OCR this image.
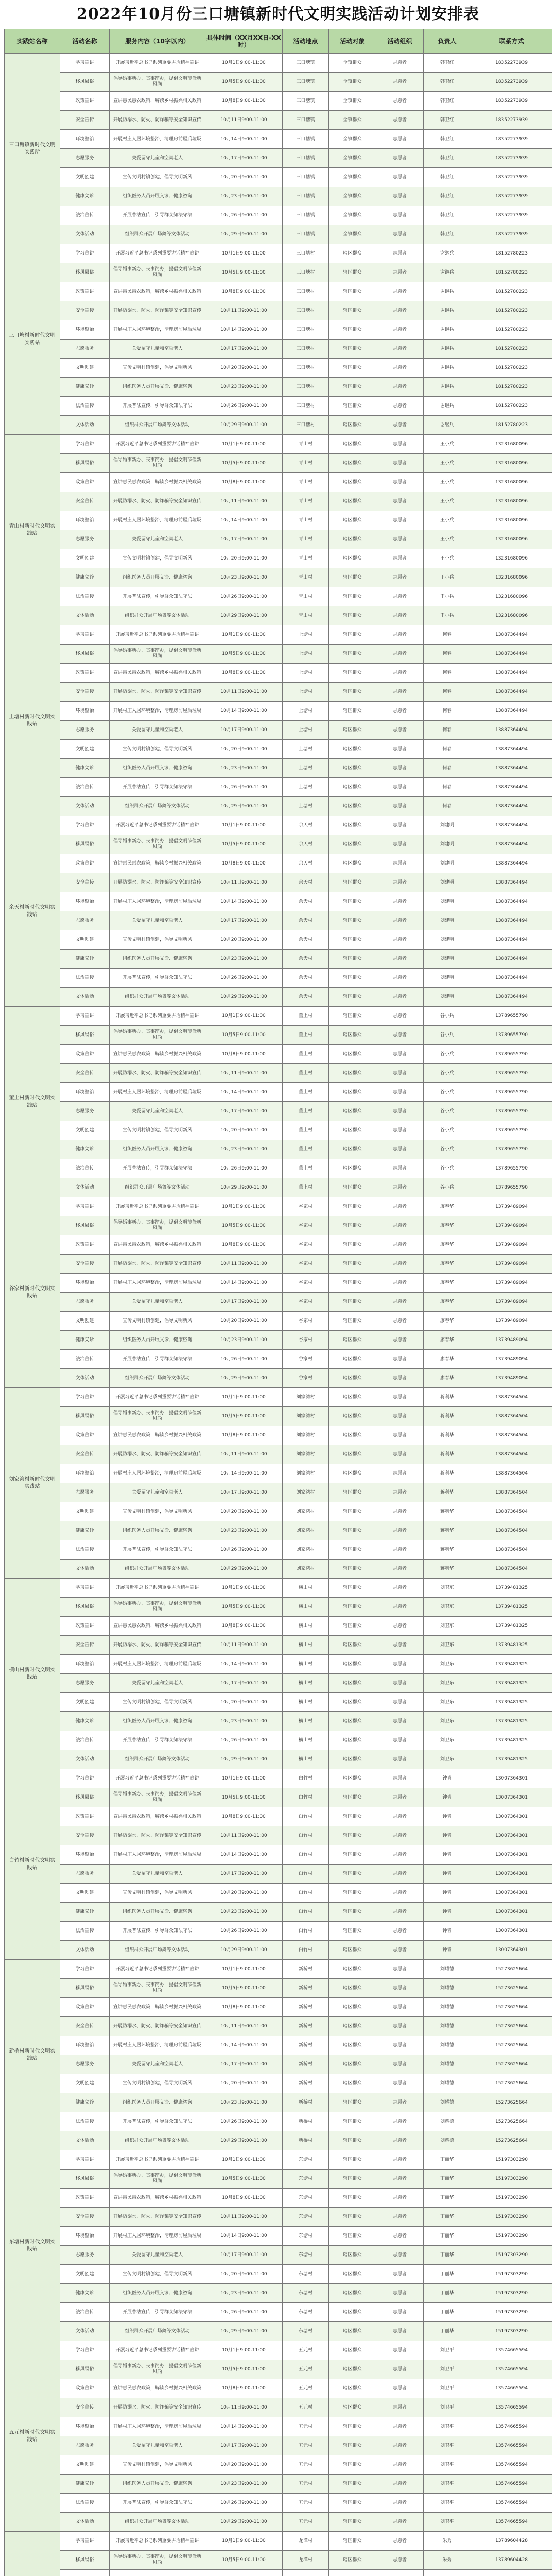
2022年10月份三口塘镇新时代文明实践活动计划安排表
实践站名称	活动名称	服务内容（10字以内）	具体时间（XX月XX日-XX时）	活动地点	活动对象	活动组织	负责人	联系方式
三口塘镇新时代文明实践所	学习宣讲	开展习近平总书记系列重要讲话精神宣讲	10月1日9:00-11:00	三口塘镇	全镇群众	志愿者	韩卫红	18352273939
	移风易俗	倡导婚事新办、丧事简办，提倡文明节俭新风尚	10月5日9:00-11:00	三口塘镇	全镇群众	志愿者	韩卫红	18352273939
	政策宣讲	宣讲惠民惠农政策，解读乡村振兴相关政策	10月8日9:00-11:00	三口塘镇	全镇群众	志愿者	韩卫红	18352273939
	安全宣传	开展防溺水、防火、防诈骗等安全知识宣传	10月11日9:00-11:00	三口塘镇	全镇群众	志愿者	韩卫红	18352273939
	环境整治	开展村庄人居环境整治，清理房前屋后垃圾	10月14日9:00-11:00	三口塘镇	全镇群众	志愿者	韩卫红	18352273939
	志愿服务	关爱留守儿童和空巢老人	10月17日9:00-11:00	三口塘镇	全镇群众	志愿者	韩卫红	18352273939
	文明创建	宣传文明村镇创建，倡导文明新风	10月20日9:00-11:00	三口塘镇	全镇群众	志愿者	韩卫红	18352273939
	健康义诊	组织医务人员开展义诊、健康咨询	10月23日9:00-11:00	三口塘镇	全镇群众	志愿者	韩卫红	18352273939
	法治宣传	开展普法宣传，引导群众知法守法	10月26日9:00-11:00	三口塘镇	全镇群众	志愿者	韩卫红	18352273939
	文体活动	组织群众开展广场舞等文体活动	10月29日9:00-11:00	三口塘镇	全镇群众	志愿者	韩卫红	18352273939
三口塘村新时代文明实践站	学习宣讲	开展习近平总书记系列重要讲话精神宣讲	10月1日9:00-11:00	三口塘村	辖区群众	志愿者	谢继兵	18152780223
	移风易俗	倡导婚事新办、丧事简办，提倡文明节俭新风尚	10月5日9:00-11:00	三口塘村	辖区群众	志愿者	谢继兵	18152780223
	政策宣讲	宣讲惠民惠农政策，解读乡村振兴相关政策	10月8日9:00-11:00	三口塘村	辖区群众	志愿者	谢继兵	18152780223
	安全宣传	开展防溺水、防火、防诈骗等安全知识宣传	10月11日9:00-11:00	三口塘村	辖区群众	志愿者	谢继兵	18152780223
	环境整治	开展村庄人居环境整治，清理房前屋后垃圾	10月14日9:00-11:00	三口塘村	辖区群众	志愿者	谢继兵	18152780223
	志愿服务	关爱留守儿童和空巢老人	10月17日9:00-11:00	三口塘村	辖区群众	志愿者	谢继兵	18152780223
	文明创建	宣传文明村镇创建，倡导文明新风	10月20日9:00-11:00	三口塘村	辖区群众	志愿者	谢继兵	18152780223
	健康义诊	组织医务人员开展义诊、健康咨询	10月23日9:00-11:00	三口塘村	辖区群众	志愿者	谢继兵	18152780223
	法治宣传	开展普法宣传，引导群众知法守法	10月26日9:00-11:00	三口塘村	辖区群众	志愿者	谢继兵	18152780223
	文体活动	组织群众开展广场舞等文体活动	10月29日9:00-11:00	三口塘村	辖区群众	志愿者	谢继兵	18152780223
青山村新时代文明实践站	学习宣讲	开展习近平总书记系列重要讲话精神宣讲	10月1日9:00-11:00	青山村	辖区群众	志愿者	王小兵	13231680096
	移风易俗	倡导婚事新办、丧事简办，提倡文明节俭新风尚	10月5日9:00-11:00	青山村	辖区群众	志愿者	王小兵	13231680096
	政策宣讲	宣讲惠民惠农政策，解读乡村振兴相关政策	10月8日9:00-11:00	青山村	辖区群众	志愿者	王小兵	13231680096
	安全宣传	开展防溺水、防火、防诈骗等安全知识宣传	10月11日9:00-11:00	青山村	辖区群众	志愿者	王小兵	13231680096
	环境整治	开展村庄人居环境整治，清理房前屋后垃圾	10月14日9:00-11:00	青山村	辖区群众	志愿者	王小兵	13231680096
	志愿服务	关爱留守儿童和空巢老人	10月17日9:00-11:00	青山村	辖区群众	志愿者	王小兵	13231680096
	文明创建	宣传文明村镇创建，倡导文明新风	10月20日9:00-11:00	青山村	辖区群众	志愿者	王小兵	13231680096
	健康义诊	组织医务人员开展义诊、健康咨询	10月23日9:00-11:00	青山村	辖区群众	志愿者	王小兵	13231680096
	法治宣传	开展普法宣传，引导群众知法守法	10月26日9:00-11:00	青山村	辖区群众	志愿者	王小兵	13231680096
	文体活动	组织群众开展广场舞等文体活动	10月29日9:00-11:00	青山村	辖区群众	志愿者	王小兵	13231680096
上塘村新时代文明实践站	学习宣讲	开展习近平总书记系列重要讲话精神宣讲	10月1日9:00-11:00	上塘村	辖区群众	志愿者	何春	13887364494
	移风易俗	倡导婚事新办、丧事简办，提倡文明节俭新风尚	10月5日9:00-11:00	上塘村	辖区群众	志愿者	何春	13887364494
	政策宣讲	宣讲惠民惠农政策，解读乡村振兴相关政策	10月8日9:00-11:00	上塘村	辖区群众	志愿者	何春	13887364494
	安全宣传	开展防溺水、防火、防诈骗等安全知识宣传	10月11日9:00-11:00	上塘村	辖区群众	志愿者	何春	13887364494
	环境整治	开展村庄人居环境整治，清理房前屋后垃圾	10月14日9:00-11:00	上塘村	辖区群众	志愿者	何春	13887364494
	志愿服务	关爱留守儿童和空巢老人	10月17日9:00-11:00	上塘村	辖区群众	志愿者	何春	13887364494
	文明创建	宣传文明村镇创建，倡导文明新风	10月20日9:00-11:00	上塘村	辖区群众	志愿者	何春	13887364494
	健康义诊	组织医务人员开展义诊、健康咨询	10月23日9:00-11:00	上塘村	辖区群众	志愿者	何春	13887364494
	法治宣传	开展普法宣传，引导群众知法守法	10月26日9:00-11:00	上塘村	辖区群众	志愿者	何春	13887364494
	文体活动	组织群众开展广场舞等文体活动	10月29日9:00-11:00	上塘村	辖区群众	志愿者	何春	13887364494
余天村新时代文明实践站	学习宣讲	开展习近平总书记系列重要讲话精神宣讲	10月1日9:00-11:00	余天村	辖区群众	志愿者	刘建明	13887364494
	移风易俗	倡导婚事新办、丧事简办，提倡文明节俭新风尚	10月5日9:00-11:00	余天村	辖区群众	志愿者	刘建明	13887364494
	政策宣讲	宣讲惠民惠农政策，解读乡村振兴相关政策	10月8日9:00-11:00	余天村	辖区群众	志愿者	刘建明	13887364494
	安全宣传	开展防溺水、防火、防诈骗等安全知识宣传	10月11日9:00-11:00	余天村	辖区群众	志愿者	刘建明	13887364494
	环境整治	开展村庄人居环境整治，清理房前屋后垃圾	10月14日9:00-11:00	余天村	辖区群众	志愿者	刘建明	13887364494
	志愿服务	关爱留守儿童和空巢老人	10月17日9:00-11:00	余天村	辖区群众	志愿者	刘建明	13887364494
	文明创建	宣传文明村镇创建，倡导文明新风	10月20日9:00-11:00	余天村	辖区群众	志愿者	刘建明	13887364494
	健康义诊	组织医务人员开展义诊、健康咨询	10月23日9:00-11:00	余天村	辖区群众	志愿者	刘建明	13887364494
	法治宣传	开展普法宣传，引导群众知法守法	10月26日9:00-11:00	余天村	辖区群众	志愿者	刘建明	13887364494
	文体活动	组织群众开展广场舞等文体活动	10月29日9:00-11:00	余天村	辖区群众	志愿者	刘建明	13887364494
董上村新时代文明实践站	学习宣讲	开展习近平总书记系列重要讲话精神宣讲	10月1日9:00-11:00	董上村	辖区群众	志愿者	谷小兵	13789655790
	移风易俗	倡导婚事新办、丧事简办，提倡文明节俭新风尚	10月5日9:00-11:00	董上村	辖区群众	志愿者	谷小兵	13789655790
	政策宣讲	宣讲惠民惠农政策，解读乡村振兴相关政策	10月8日9:00-11:00	董上村	辖区群众	志愿者	谷小兵	13789655790
	安全宣传	开展防溺水、防火、防诈骗等安全知识宣传	10月11日9:00-11:00	董上村	辖区群众	志愿者	谷小兵	13789655790
	环境整治	开展村庄人居环境整治，清理房前屋后垃圾	10月14日9:00-11:00	董上村	辖区群众	志愿者	谷小兵	13789655790
	志愿服务	关爱留守儿童和空巢老人	10月17日9:00-11:00	董上村	辖区群众	志愿者	谷小兵	13789655790
	文明创建	宣传文明村镇创建，倡导文明新风	10月20日9:00-11:00	董上村	辖区群众	志愿者	谷小兵	13789655790
	健康义诊	组织医务人员开展义诊、健康咨询	10月23日9:00-11:00	董上村	辖区群众	志愿者	谷小兵	13789655790
	法治宣传	开展普法宣传，引导群众知法守法	10月26日9:00-11:00	董上村	辖区群众	志愿者	谷小兵	13789655790
	文体活动	组织群众开展广场舞等文体活动	10月29日9:00-11:00	董上村	辖区群众	志愿者	谷小兵	13789655790
谷家村新时代文明实践站	学习宣讲	开展习近平总书记系列重要讲话精神宣讲	10月1日9:00-11:00	谷家村	辖区群众	志愿者	廖春华	13739489094
	移风易俗	倡导婚事新办、丧事简办，提倡文明节俭新风尚	10月5日9:00-11:00	谷家村	辖区群众	志愿者	廖春华	13739489094
	政策宣讲	宣讲惠民惠农政策，解读乡村振兴相关政策	10月8日9:00-11:00	谷家村	辖区群众	志愿者	廖春华	13739489094
	安全宣传	开展防溺水、防火、防诈骗等安全知识宣传	10月11日9:00-11:00	谷家村	辖区群众	志愿者	廖春华	13739489094
	环境整治	开展村庄人居环境整治，清理房前屋后垃圾	10月14日9:00-11:00	谷家村	辖区群众	志愿者	廖春华	13739489094
	志愿服务	关爱留守儿童和空巢老人	10月17日9:00-11:00	谷家村	辖区群众	志愿者	廖春华	13739489094
	文明创建	宣传文明村镇创建，倡导文明新风	10月20日9:00-11:00	谷家村	辖区群众	志愿者	廖春华	13739489094
	健康义诊	组织医务人员开展义诊、健康咨询	10月23日9:00-11:00	谷家村	辖区群众	志愿者	廖春华	13739489094
	法治宣传	开展普法宣传，引导群众知法守法	10月26日9:00-11:00	谷家村	辖区群众	志愿者	廖春华	13739489094
	文体活动	组织群众开展广场舞等文体活动	10月29日9:00-11:00	谷家村	辖区群众	志愿者	廖春华	13739489094
刘家湾村新时代文明实践站	学习宣讲	开展习近平总书记系列重要讲话精神宣讲	10月1日9:00-11:00	刘家湾村	辖区群众	志愿者	蒋利华	13887364504
	移风易俗	倡导婚事新办、丧事简办，提倡文明节俭新风尚	10月5日9:00-11:00	刘家湾村	辖区群众	志愿者	蒋利华	13887364504
	政策宣讲	宣讲惠民惠农政策，解读乡村振兴相关政策	10月8日9:00-11:00	刘家湾村	辖区群众	志愿者	蒋利华	13887364504
	安全宣传	开展防溺水、防火、防诈骗等安全知识宣传	10月11日9:00-11:00	刘家湾村	辖区群众	志愿者	蒋利华	13887364504
	环境整治	开展村庄人居环境整治，清理房前屋后垃圾	10月14日9:00-11:00	刘家湾村	辖区群众	志愿者	蒋利华	13887364504
	志愿服务	关爱留守儿童和空巢老人	10月17日9:00-11:00	刘家湾村	辖区群众	志愿者	蒋利华	13887364504
	文明创建	宣传文明村镇创建，倡导文明新风	10月20日9:00-11:00	刘家湾村	辖区群众	志愿者	蒋利华	13887364504
	健康义诊	组织医务人员开展义诊、健康咨询	10月23日9:00-11:00	刘家湾村	辖区群众	志愿者	蒋利华	13887364504
	法治宣传	开展普法宣传，引导群众知法守法	10月26日9:00-11:00	刘家湾村	辖区群众	志愿者	蒋利华	13887364504
	文体活动	组织群众开展广场舞等文体活动	10月29日9:00-11:00	刘家湾村	辖区群众	志愿者	蒋利华	13887364504
横山村新时代文明实践站	学习宣讲	开展习近平总书记系列重要讲话精神宣讲	10月1日9:00-11:00	横山村	辖区群众	志愿者	刘卫东	13739481325
	移风易俗	倡导婚事新办、丧事简办，提倡文明节俭新风尚	10月5日9:00-11:00	横山村	辖区群众	志愿者	刘卫东	13739481325
	政策宣讲	宣讲惠民惠农政策，解读乡村振兴相关政策	10月8日9:00-11:00	横山村	辖区群众	志愿者	刘卫东	13739481325
	安全宣传	开展防溺水、防火、防诈骗等安全知识宣传	10月11日9:00-11:00	横山村	辖区群众	志愿者	刘卫东	13739481325
	环境整治	开展村庄人居环境整治，清理房前屋后垃圾	10月14日9:00-11:00	横山村	辖区群众	志愿者	刘卫东	13739481325
	志愿服务	关爱留守儿童和空巢老人	10月17日9:00-11:00	横山村	辖区群众	志愿者	刘卫东	13739481325
	文明创建	宣传文明村镇创建，倡导文明新风	10月20日9:00-11:00	横山村	辖区群众	志愿者	刘卫东	13739481325
	健康义诊	组织医务人员开展义诊、健康咨询	10月23日9:00-11:00	横山村	辖区群众	志愿者	刘卫东	13739481325
	法治宣传	开展普法宣传，引导群众知法守法	10月26日9:00-11:00	横山村	辖区群众	志愿者	刘卫东	13739481325
	文体活动	组织群众开展广场舞等文体活动	10月29日9:00-11:00	横山村	辖区群众	志愿者	刘卫东	13739481325
白竹村新时代文明实践站	学习宣讲	开展习近平总书记系列重要讲话精神宣讲	10月1日9:00-11:00	白竹村	辖区群众	志愿者	钟青	13007364301
	移风易俗	倡导婚事新办、丧事简办，提倡文明节俭新风尚	10月5日9:00-11:00	白竹村	辖区群众	志愿者	钟青	13007364301
	政策宣讲	宣讲惠民惠农政策，解读乡村振兴相关政策	10月8日9:00-11:00	白竹村	辖区群众	志愿者	钟青	13007364301
	安全宣传	开展防溺水、防火、防诈骗等安全知识宣传	10月11日9:00-11:00	白竹村	辖区群众	志愿者	钟青	13007364301
	环境整治	开展村庄人居环境整治，清理房前屋后垃圾	10月14日9:00-11:00	白竹村	辖区群众	志愿者	钟青	13007364301
	志愿服务	关爱留守儿童和空巢老人	10月17日9:00-11:00	白竹村	辖区群众	志愿者	钟青	13007364301
	文明创建	宣传文明村镇创建，倡导文明新风	10月20日9:00-11:00	白竹村	辖区群众	志愿者	钟青	13007364301
	健康义诊	组织医务人员开展义诊、健康咨询	10月23日9:00-11:00	白竹村	辖区群众	志愿者	钟青	13007364301
	法治宣传	开展普法宣传，引导群众知法守法	10月26日9:00-11:00	白竹村	辖区群众	志愿者	钟青	13007364301
	文体活动	组织群众开展广场舞等文体活动	10月29日9:00-11:00	白竹村	辖区群众	志愿者	钟青	13007364301
新桥村新时代文明实践站	学习宣讲	开展习近平总书记系列重要讲话精神宣讲	10月1日9:00-11:00	新桥村	辖区群众	志愿者	刘耀德	15273625664
	移风易俗	倡导婚事新办、丧事简办，提倡文明节俭新风尚	10月5日9:00-11:00	新桥村	辖区群众	志愿者	刘耀德	15273625664
	政策宣讲	宣讲惠民惠农政策，解读乡村振兴相关政策	10月8日9:00-11:00	新桥村	辖区群众	志愿者	刘耀德	15273625664
	安全宣传	开展防溺水、防火、防诈骗等安全知识宣传	10月11日9:00-11:00	新桥村	辖区群众	志愿者	刘耀德	15273625664
	环境整治	开展村庄人居环境整治，清理房前屋后垃圾	10月14日9:00-11:00	新桥村	辖区群众	志愿者	刘耀德	15273625664
	志愿服务	关爱留守儿童和空巢老人	10月17日9:00-11:00	新桥村	辖区群众	志愿者	刘耀德	15273625664
	文明创建	宣传文明村镇创建，倡导文明新风	10月20日9:00-11:00	新桥村	辖区群众	志愿者	刘耀德	15273625664
	健康义诊	组织医务人员开展义诊、健康咨询	10月23日9:00-11:00	新桥村	辖区群众	志愿者	刘耀德	15273625664
	法治宣传	开展普法宣传，引导群众知法守法	10月26日9:00-11:00	新桥村	辖区群众	志愿者	刘耀德	15273625664
	文体活动	组织群众开展广场舞等文体活动	10月29日9:00-11:00	新桥村	辖区群众	志愿者	刘耀德	15273625664
东塘村新时代文明实践站	学习宣讲	开展习近平总书记系列重要讲话精神宣讲	10月1日9:00-11:00	东塘村	辖区群众	志愿者	丁丽华	15197303290
	移风易俗	倡导婚事新办、丧事简办，提倡文明节俭新风尚	10月5日9:00-11:00	东塘村	辖区群众	志愿者	丁丽华	15197303290
	政策宣讲	宣讲惠民惠农政策，解读乡村振兴相关政策	10月8日9:00-11:00	东塘村	辖区群众	志愿者	丁丽华	15197303290
	安全宣传	开展防溺水、防火、防诈骗等安全知识宣传	10月11日9:00-11:00	东塘村	辖区群众	志愿者	丁丽华	15197303290
	环境整治	开展村庄人居环境整治，清理房前屋后垃圾	10月14日9:00-11:00	东塘村	辖区群众	志愿者	丁丽华	15197303290
	志愿服务	关爱留守儿童和空巢老人	10月17日9:00-11:00	东塘村	辖区群众	志愿者	丁丽华	15197303290
	文明创建	宣传文明村镇创建，倡导文明新风	10月20日9:00-11:00	东塘村	辖区群众	志愿者	丁丽华	15197303290
	健康义诊	组织医务人员开展义诊、健康咨询	10月23日9:00-11:00	东塘村	辖区群众	志愿者	丁丽华	15197303290
	法治宣传	开展普法宣传，引导群众知法守法	10月26日9:00-11:00	东塘村	辖区群众	志愿者	丁丽华	15197303290
	文体活动	组织群众开展广场舞等文体活动	10月29日9:00-11:00	东塘村	辖区群众	志愿者	丁丽华	15197303290
五元村新时代文明实践站	学习宣讲	开展习近平总书记系列重要讲话精神宣讲	10月1日9:00-11:00	五元村	辖区群众	志愿者	刘卫平	13574665594
	移风易俗	倡导婚事新办、丧事简办，提倡文明节俭新风尚	10月5日9:00-11:00	五元村	辖区群众	志愿者	刘卫平	13574665594
	政策宣讲	宣讲惠民惠农政策，解读乡村振兴相关政策	10月8日9:00-11:00	五元村	辖区群众	志愿者	刘卫平	13574665594
	安全宣传	开展防溺水、防火、防诈骗等安全知识宣传	10月11日9:00-11:00	五元村	辖区群众	志愿者	刘卫平	13574665594
	环境整治	开展村庄人居环境整治，清理房前屋后垃圾	10月14日9:00-11:00	五元村	辖区群众	志愿者	刘卫平	13574665594
	志愿服务	关爱留守儿童和空巢老人	10月17日9:00-11:00	五元村	辖区群众	志愿者	刘卫平	13574665594
	文明创建	宣传文明村镇创建，倡导文明新风	10月20日9:00-11:00	五元村	辖区群众	志愿者	刘卫平	13574665594
	健康义诊	组织医务人员开展义诊、健康咨询	10月23日9:00-11:00	五元村	辖区群众	志愿者	刘卫平	13574665594
	法治宣传	开展普法宣传，引导群众知法守法	10月26日9:00-11:00	五元村	辖区群众	志愿者	刘卫平	13574665594
	文体活动	组织群众开展广场舞等文体活动	10月29日9:00-11:00	五元村	辖区群众	志愿者	刘卫平	13574665594
	学习宣讲	开展习近平总书记系列重要讲话精神宣讲	10月1日9:00-11:00	龙潭村	辖区群众	志愿者	朱秀	13789604428
	移风易俗	倡导婚事新办、丧事简办，提倡文明节俭新风尚	10月5日9:00-11:00	龙潭村	辖区群众	志愿者	朱秀	13789604428
